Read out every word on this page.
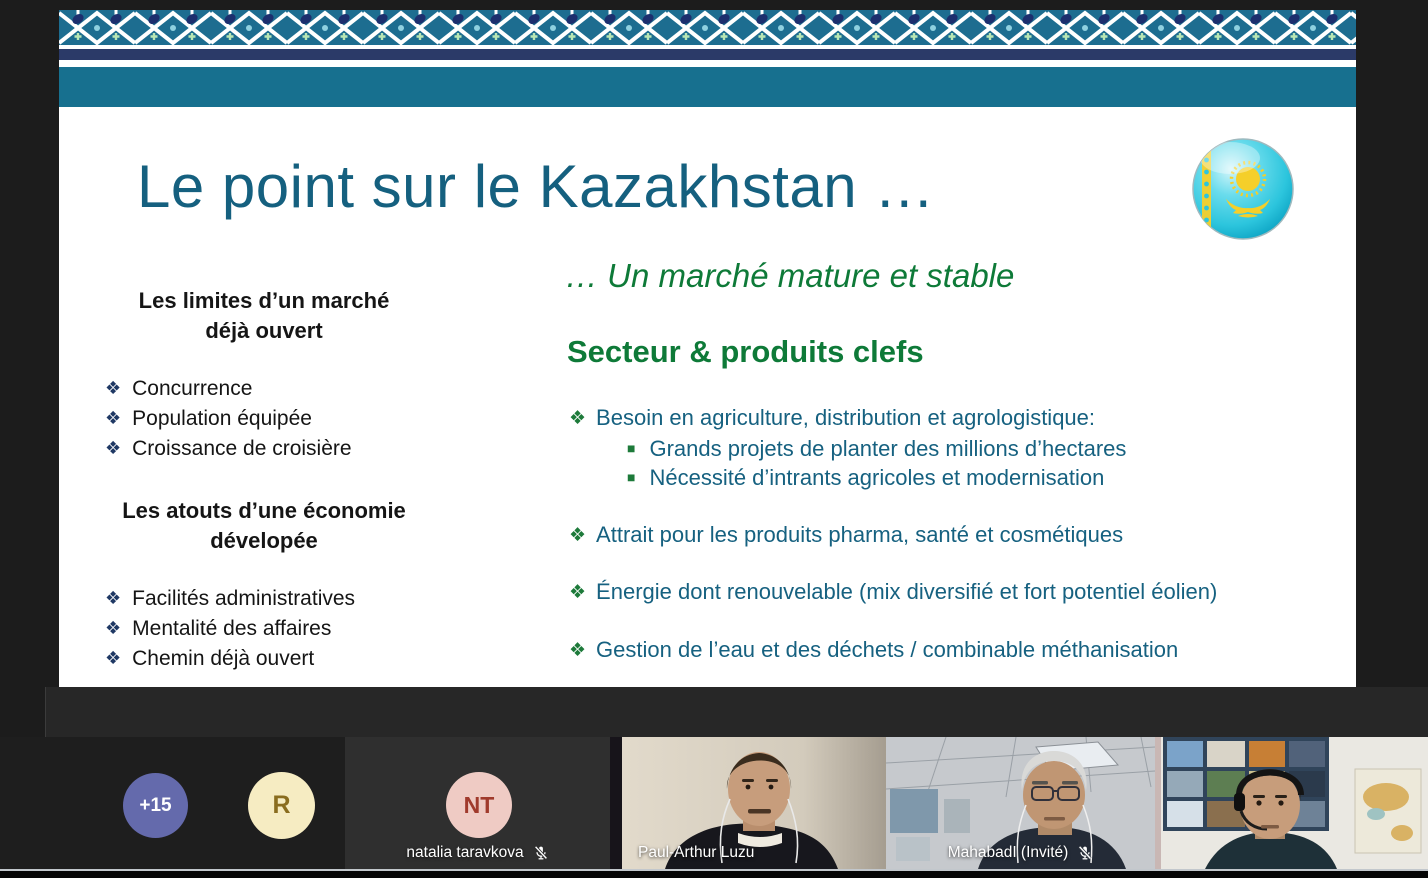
Le point sur le Kazakhstan …
Les limites d’un marché déjà ouvert
❖ Concurrence
❖ Population équipée
❖ Croissance de croisière
Les atouts d’une économie dévelopée
❖ Facilités administratives
❖ Mentalité des affaires
❖ Chemin déjà ouvert
… Un marché mature et stable
Secteur & produits clefs
❖ Besoin en agriculture, distribution et agrologistique:
■ Grands projets de planter des millions d’hectares
■ Nécessité d’intrants agricoles et modernisation
❖ Attrait pour les produits pharma, santé et cosmétiques
❖ Énergie dont renouvelable (mix diversifié et fort potentiel éolien)
❖ Gestion de l’eau et des déchets / combinable méthanisation
+15	R	NT
natalia taravkova	Paul-Arthur Luzu	MahabadI (Invité)
